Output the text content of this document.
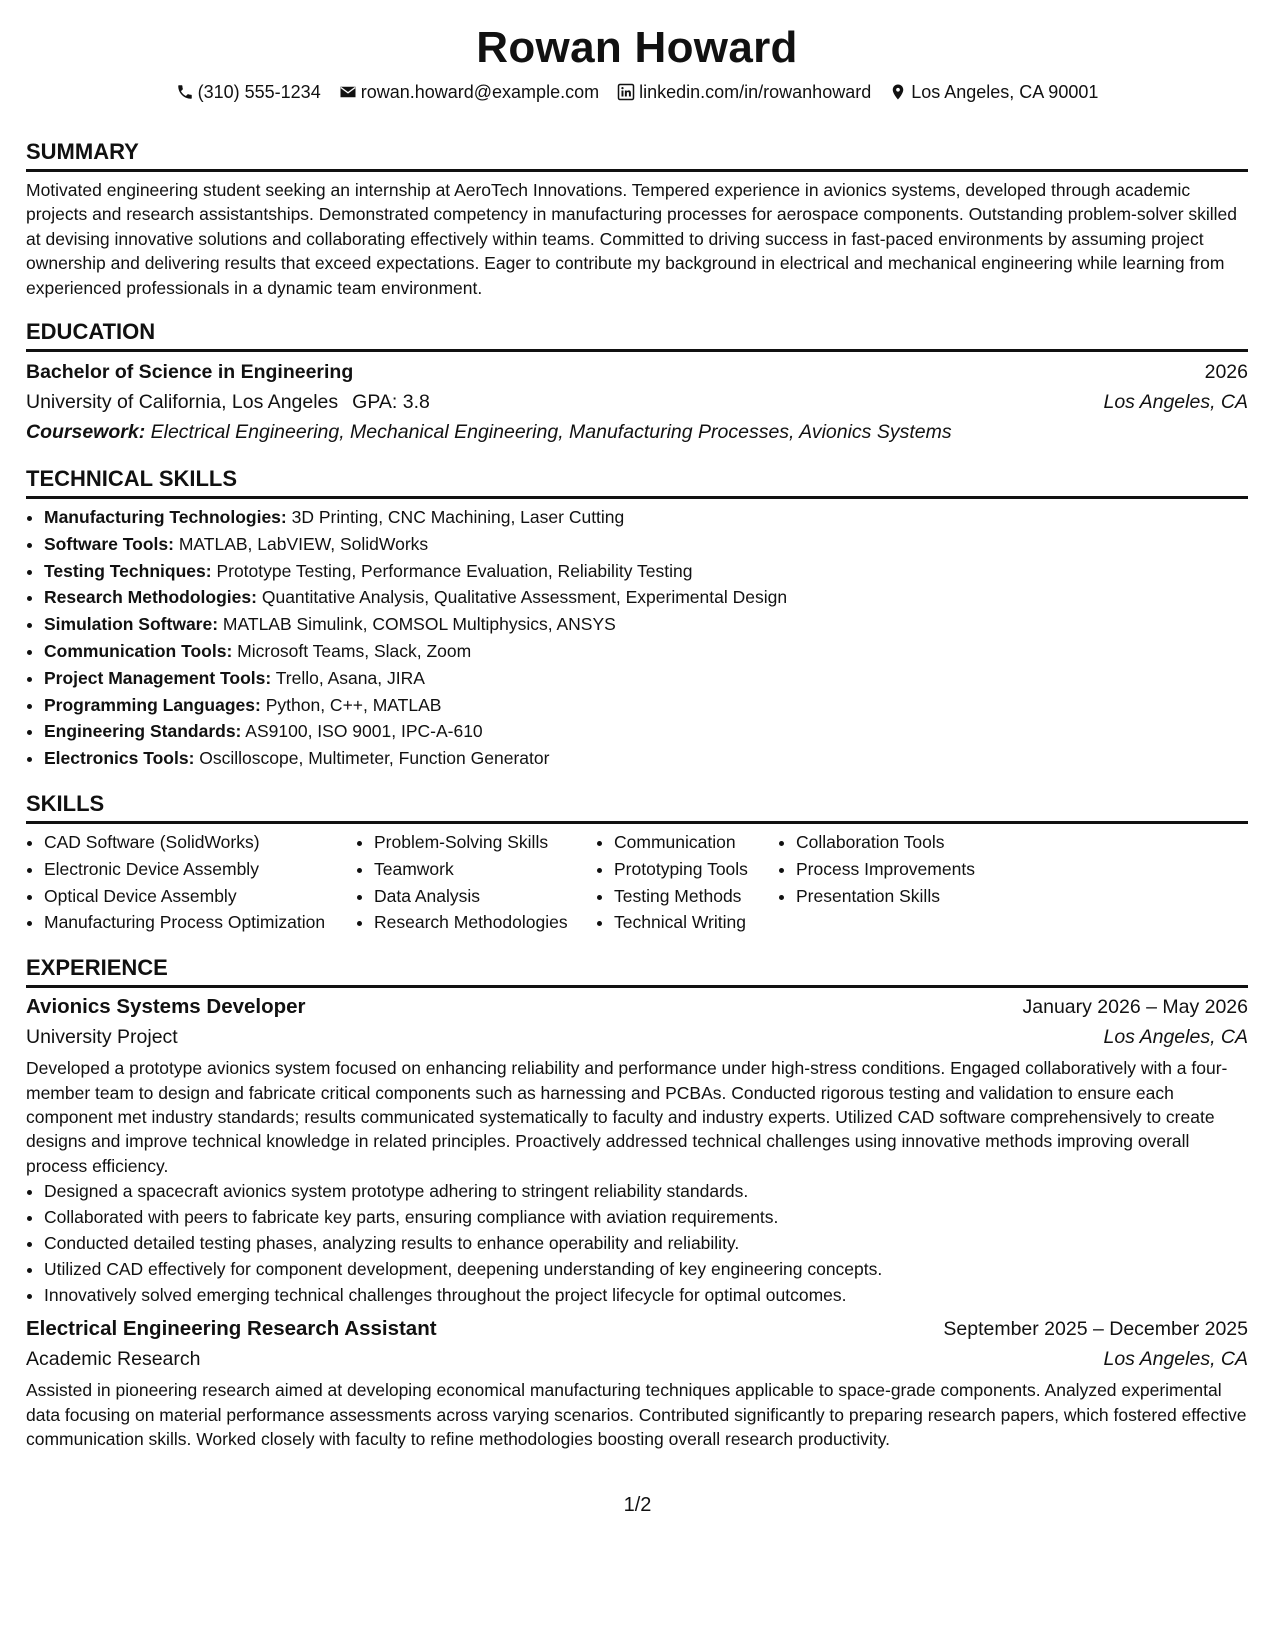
Rowan Howard
(310) 555-1234 rowan.howard@example.com linkedin.com/in/rowanhoward Los Angeles, CA 90001
SUMMARY

Motivated engineering student seeking an internship at AeroTech Innovations. Tempered experience in avionics systems, developed through academic projects and research assistantships. Demonstrated competency in manufacturing processes for aerospace components. Outstanding problem-solver skilled at devising innovative solutions and collaborating effectively within teams. Committed to driving success in fast-paced environments by assuming project ownership and delivering results that exceed expectations. Eager to contribute my background in electrical and mechanical engineering while learning from experienced professionals in a dynamic team environment.

EDUCATION
Bachelor of Science in Engineering	2026
University of California, Los Angeles GPA: 3.8	Los Angeles, CA
Coursework: Electrical Engineering, Mechanical Engineering, Manufacturing Processes, Avionics Systems
TECHNICAL SKILLS
• Manufacturing Technologies: 3D Printing, CNC Machining, Laser Cutting
• Software Tools: MATLAB, LabVIEW, SolidWorks
• Testing Techniques: Prototype Testing, Performance Evaluation, Reliability Testing
• Research Methodologies: Quantitative Analysis, Qualitative Assessment, Experimental Design
• Simulation Software: MATLAB Simulink, COMSOL Multiphysics, ANSYS
• Communication Tools: Microsoft Teams, Slack, Zoom
• Project Management Tools: Trello, Asana, JIRA
• Programming Languages: Python, C++, MATLAB
• Engineering Standards: AS9100, ISO 9001, IPC-A-610
• Electronics Tools: Oscilloscope, Multimeter, Function Generator
SKILLS
• CAD Software (SolidWorks)
• Electronic Device Assembly
• Optical Device Assembly
• Manufacturing Process Optimization
• Problem-Solving Skills
• Teamwork
• Data Analysis
• Research Methodologies
• Communication
• Prototyping Tools
• Testing Methods
• Technical Writing
• Collaboration Tools
• Process Improvements
• Presentation Skills
EXPERIENCE
Avionics Systems Developer	January 2026 – May 2026
University Project	Los Angeles, CA

Developed a prototype avionics system focused on enhancing reliability and performance under high-stress conditions. Engaged collaboratively with a four-member team to design and fabricate critical components such as harnessing and PCBAs. Conducted rigorous testing and validation to ensure each component met industry standards; results communicated systematically to faculty and industry experts. Utilized CAD software comprehensively to create designs and improve technical knowledge in related principles. Proactively addressed technical challenges using innovative methods improving overall process efficiency.

• Designed a spacecraft avionics system prototype adhering to stringent reliability standards.
• Collaborated with peers to fabricate key parts, ensuring compliance with aviation requirements.
• Conducted detailed testing phases, analyzing results to enhance operability and reliability.
• Utilized CAD effectively for component development, deepening understanding of key engineering concepts.
• Innovatively solved emerging technical challenges throughout the project lifecycle for optimal outcomes.
Electrical Engineering Research Assistant	September 2025 – December 2025
Academic Research	Los Angeles, CA

Assisted in pioneering research aimed at developing economical manufacturing techniques applicable to space-grade components. Analyzed experimental data focusing on material performance assessments across varying scenarios. Contributed significantly to preparing research papers, which fostered effective communication skills. Worked closely with faculty to refine methodologies boosting overall research productivity.

1/2
